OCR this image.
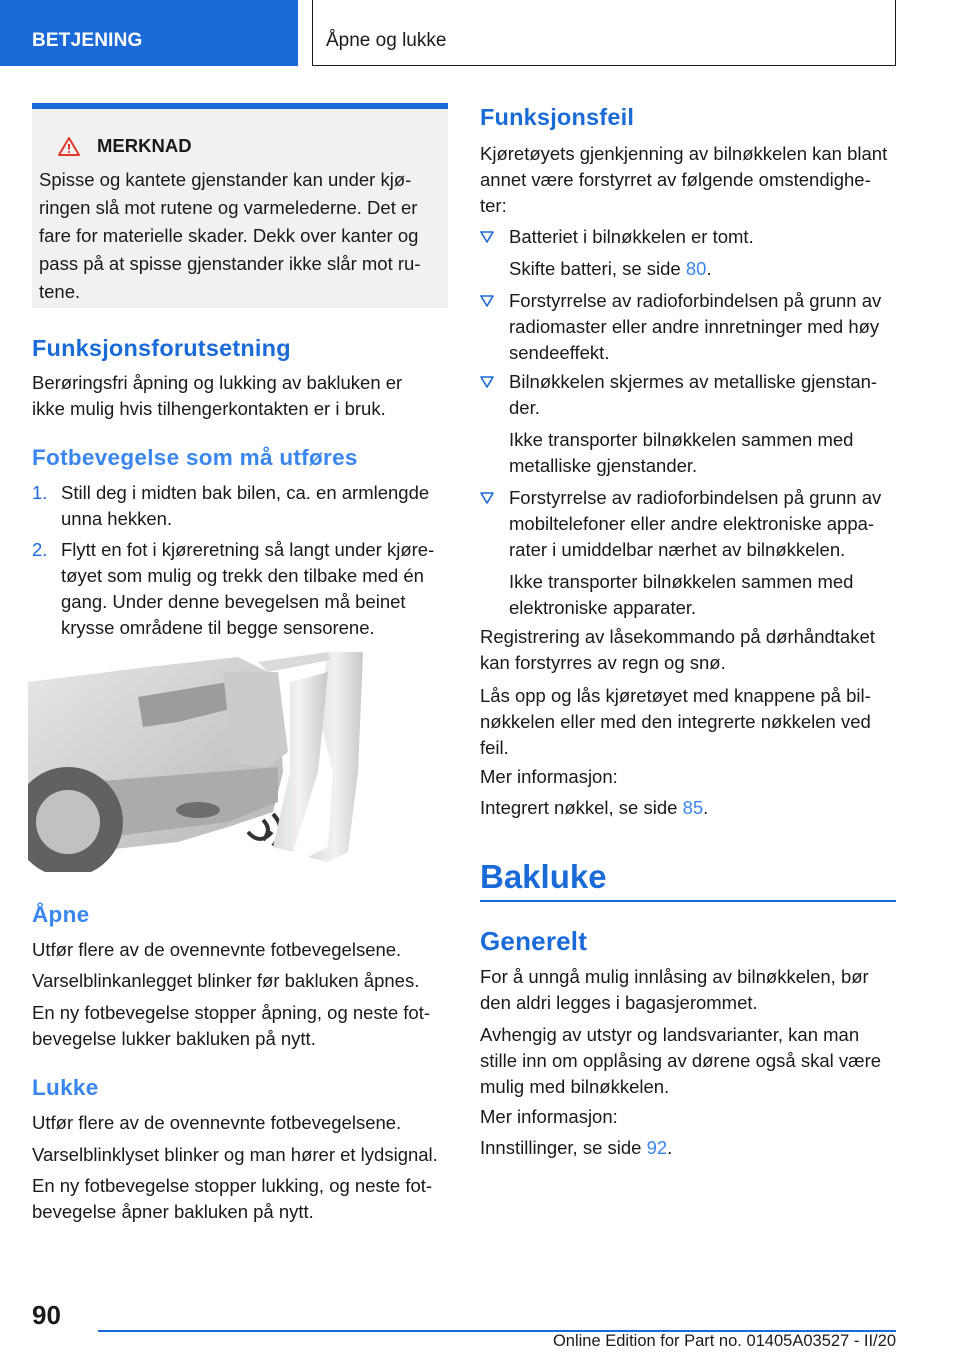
BETJENING	Åpne og lukke
MERKNAD
Spisse og kantete gjenstander kan under kjø-
ringen slå mot rutene og varmelederne. Det er
fare for materielle skader. Dekk over kanter og
pass på at spisse gjenstander ikke slår mot ru-
tene.
Funksjonsforutsetning
Berøringsfri åpning og lukking av bakluken er
ikke mulig hvis tilhengerkontakten er i bruk.
Fotbevegelse som må utføres
1. Still deg i midten bak bilen, ca. en armlengde
unna hekken.
2. Flytt en fot i kjøreretning så langt under kjøre-
tøyet som mulig og trekk den tilbake med én
gang. Under denne bevegelsen må beinet
krysse områdene til begge sensorene.
Åpne
Utfør flere av de ovennevnte fotbevegelsene.
Varselblinkanlegget blinker før bakluken åpnes.
En ny fotbevegelse stopper åpning, og neste fot-
bevegelse lukker bakluken på nytt.
Lukke
Utfør flere av de ovennevnte fotbevegelsene.
Varselblinklyset blinker og man hører et lydsignal.
En ny fotbevegelse stopper lukking, og neste fot-
bevegelse åpner bakluken på nytt.
Funksjonsfeil
Kjøretøyets gjenkjenning av bilnøkkelen kan blant
annet være forstyrret av følgende omstendighe-
ter:
Batteriet i bilnøkkelen er tomt.
Skifte batteri, se side 80.
Forstyrrelse av radioforbindelsen på grunn av
radiomaster eller andre innretninger med høy
sendeeffekt.
Bilnøkkelen skjermes av metalliske gjenstan-
der.
Ikke transporter bilnøkkelen sammen med
metalliske gjenstander.
Forstyrrelse av radioforbindelsen på grunn av
mobiltelefoner eller andre elektroniske appa-
rater i umiddelbar nærhet av bilnøkkelen.
Ikke transporter bilnøkkelen sammen med
elektroniske apparater.
Registrering av låsekommando på dørhåndtaket
kan forstyrres av regn og snø.
Lås opp og lås kjøretøyet med knappene på bil-
nøkkelen eller med den integrerte nøkkelen ved
feil.
Mer informasjon:
Integrert nøkkel, se side 85.
Bakluke
Generelt
For å unngå mulig innlåsing av bilnøkkelen, bør
den aldri legges i bagasjerommet.
Avhengig av utstyr og landsvarianter, kan man
stille inn om opplåsing av dørene også skal være
mulig med bilnøkkelen.
Mer informasjon:
Innstillinger, se side 92.
90
Online Edition for Part no. 01405A03527 - II/20
